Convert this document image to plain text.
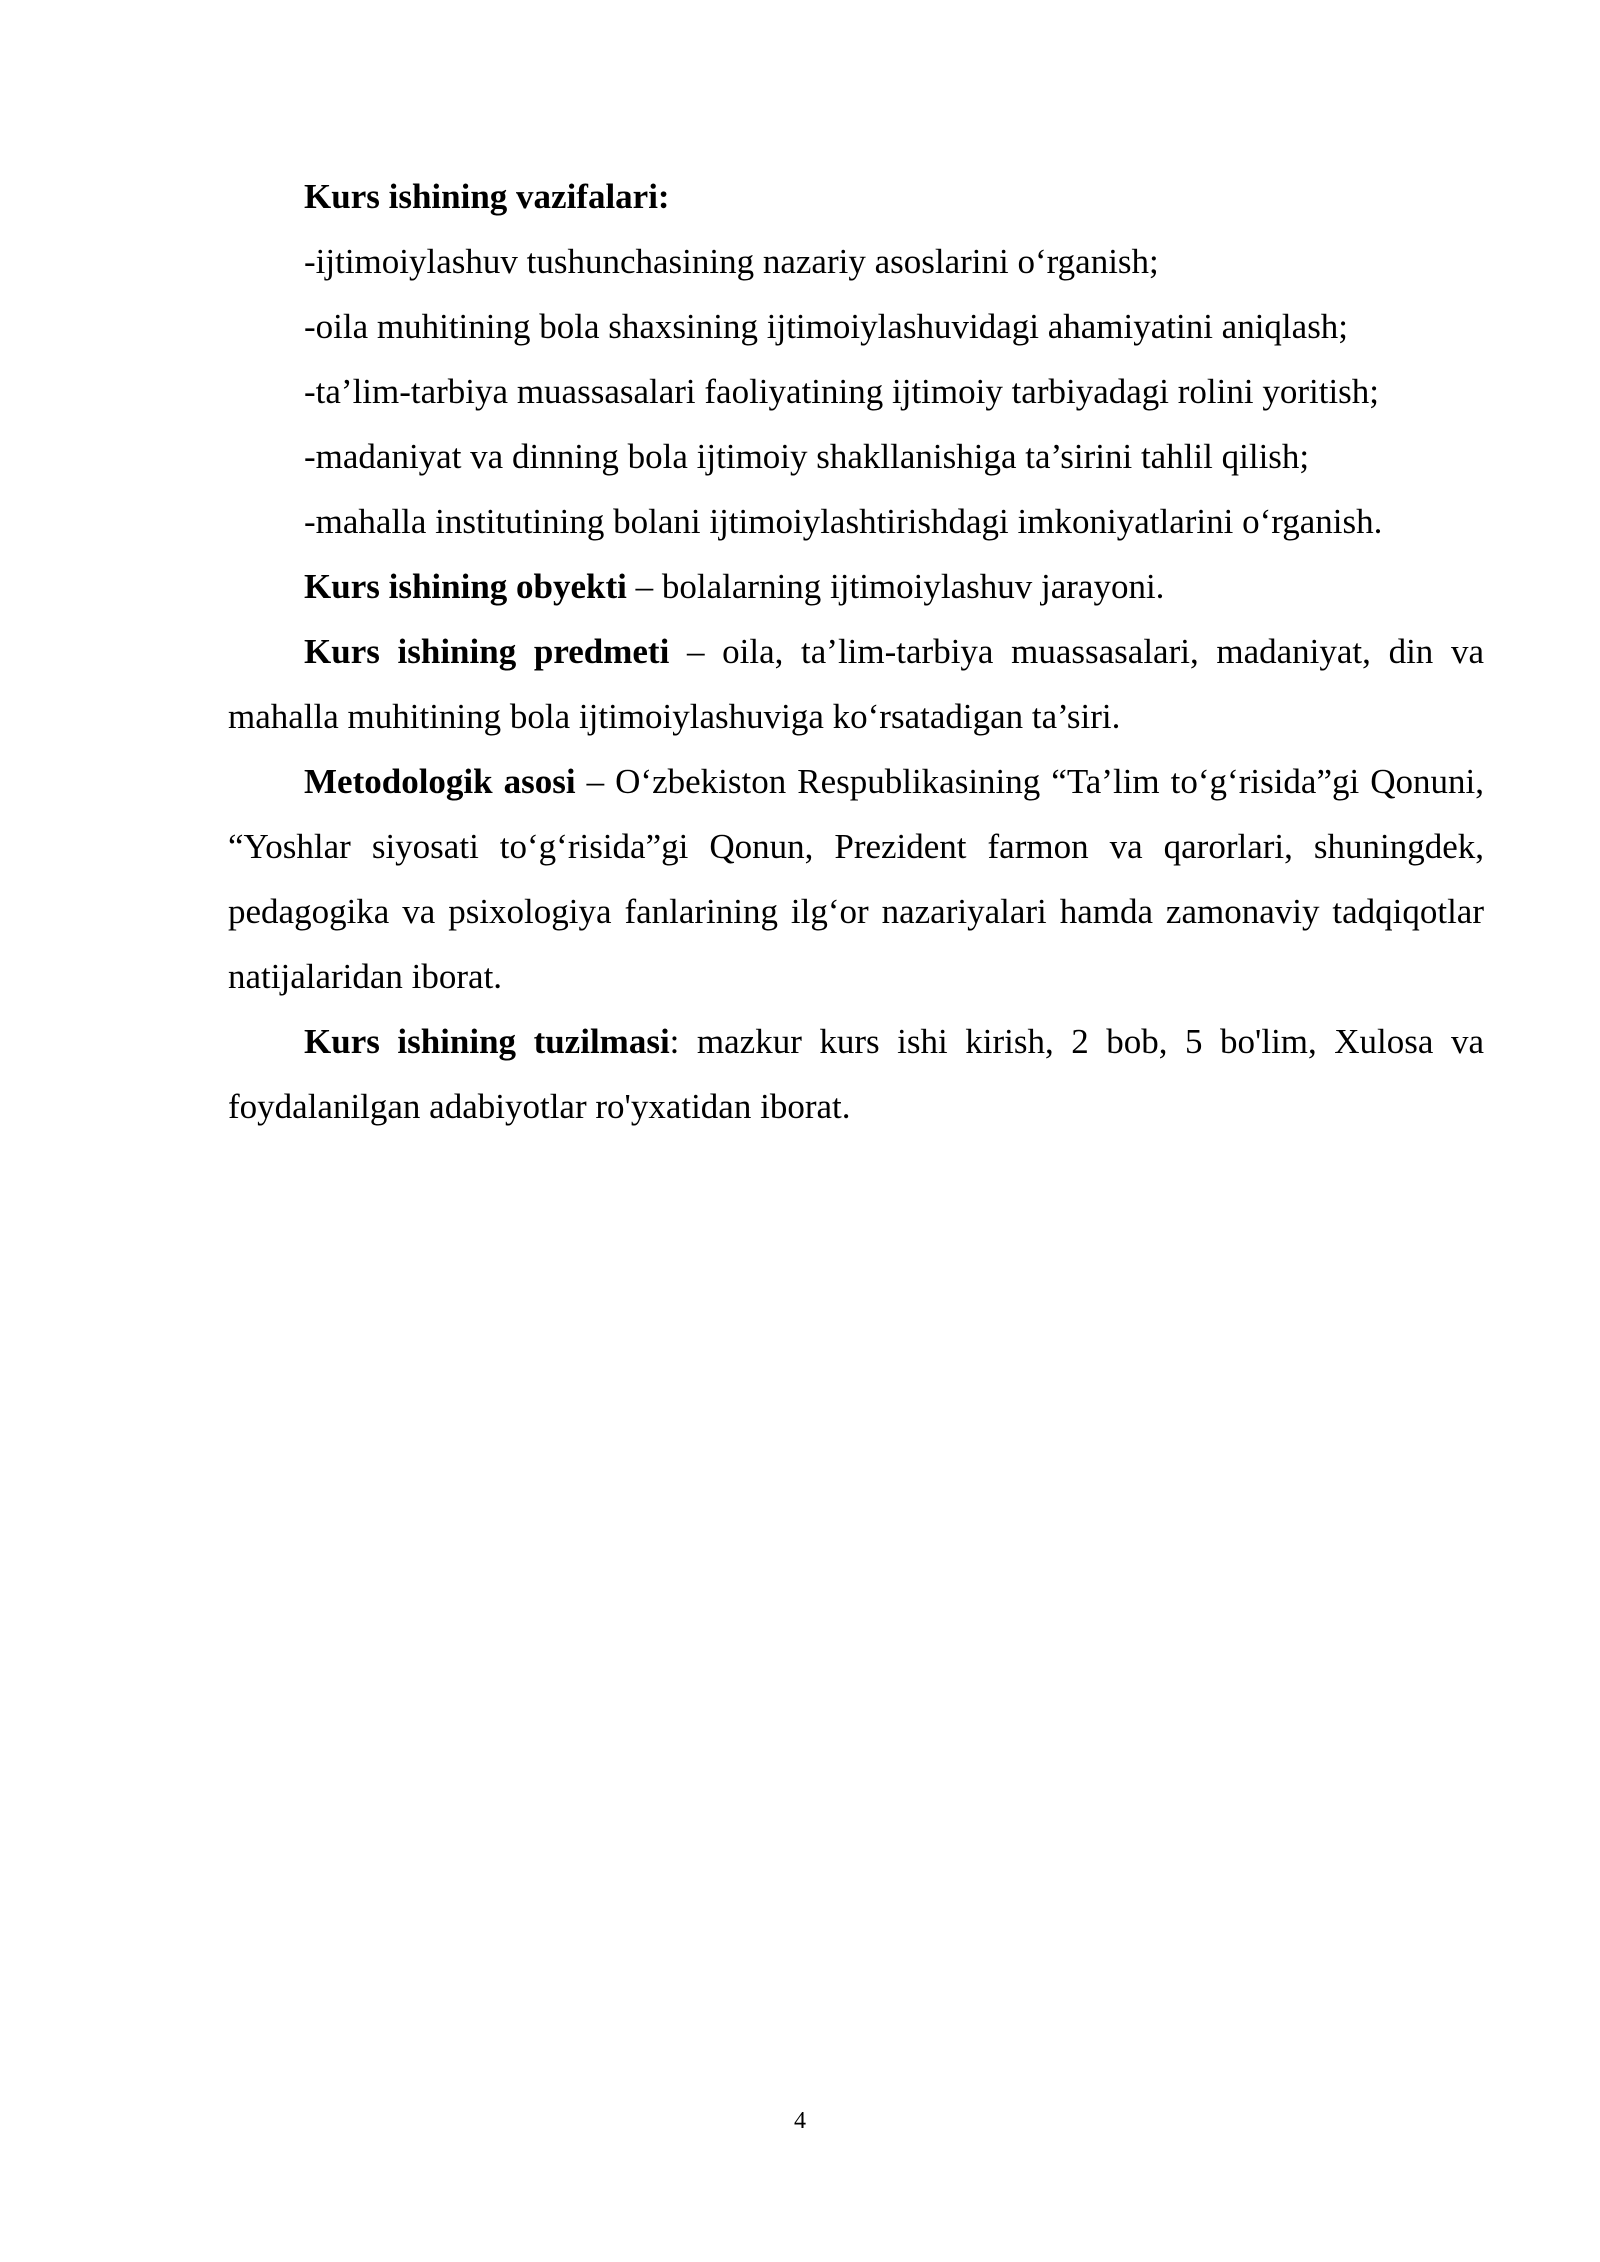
Kurs ishining vazifalari:

-ijtimoiylashuv tushunchasining nazariy asoslarini o‘rganish;

-oila muhitining bola shaxsining ijtimoiylashuvidagi ahamiyatini aniqlash;

-ta’lim-tarbiya muassasalari faoliyatining ijtimoiy tarbiyadagi rolini yoritish;

-madaniyat va dinning bola ijtimoiy shakllanishiga ta’sirini tahlil qilish;

-mahalla institutining bolani ijtimoiylashtirishdagi imkoniyatlarini o‘rganish.

Kurs ishining obyekti – bolalarning ijtimoiylashuv jarayoni.

Kurs ishining predmeti – oila, ta’lim-tarbiya muassasalari, madaniyat, din va mahalla muhitining bola ijtimoiylashuviga ko‘rsatadigan ta’siri.

Metodologik asosi – O‘zbekiston Respublikasining “Ta’lim to‘g‘risida”gi Qonuni, “Yoshlar siyosati to‘g‘risida”gi Qonun, Prezident farmon va qarorlari, shuningdek, pedagogika va psixologiya fanlarining ilg‘or nazariyalari hamda zamonaviy tadqiqotlar natijalaridan iborat.

Kurs ishining tuzilmasi: mazkur kurs ishi kirish, 2 bob, 5 bo'lim, Xulosa va foydalanilgan adabiyotlar ro'yxatidan iborat.

4
